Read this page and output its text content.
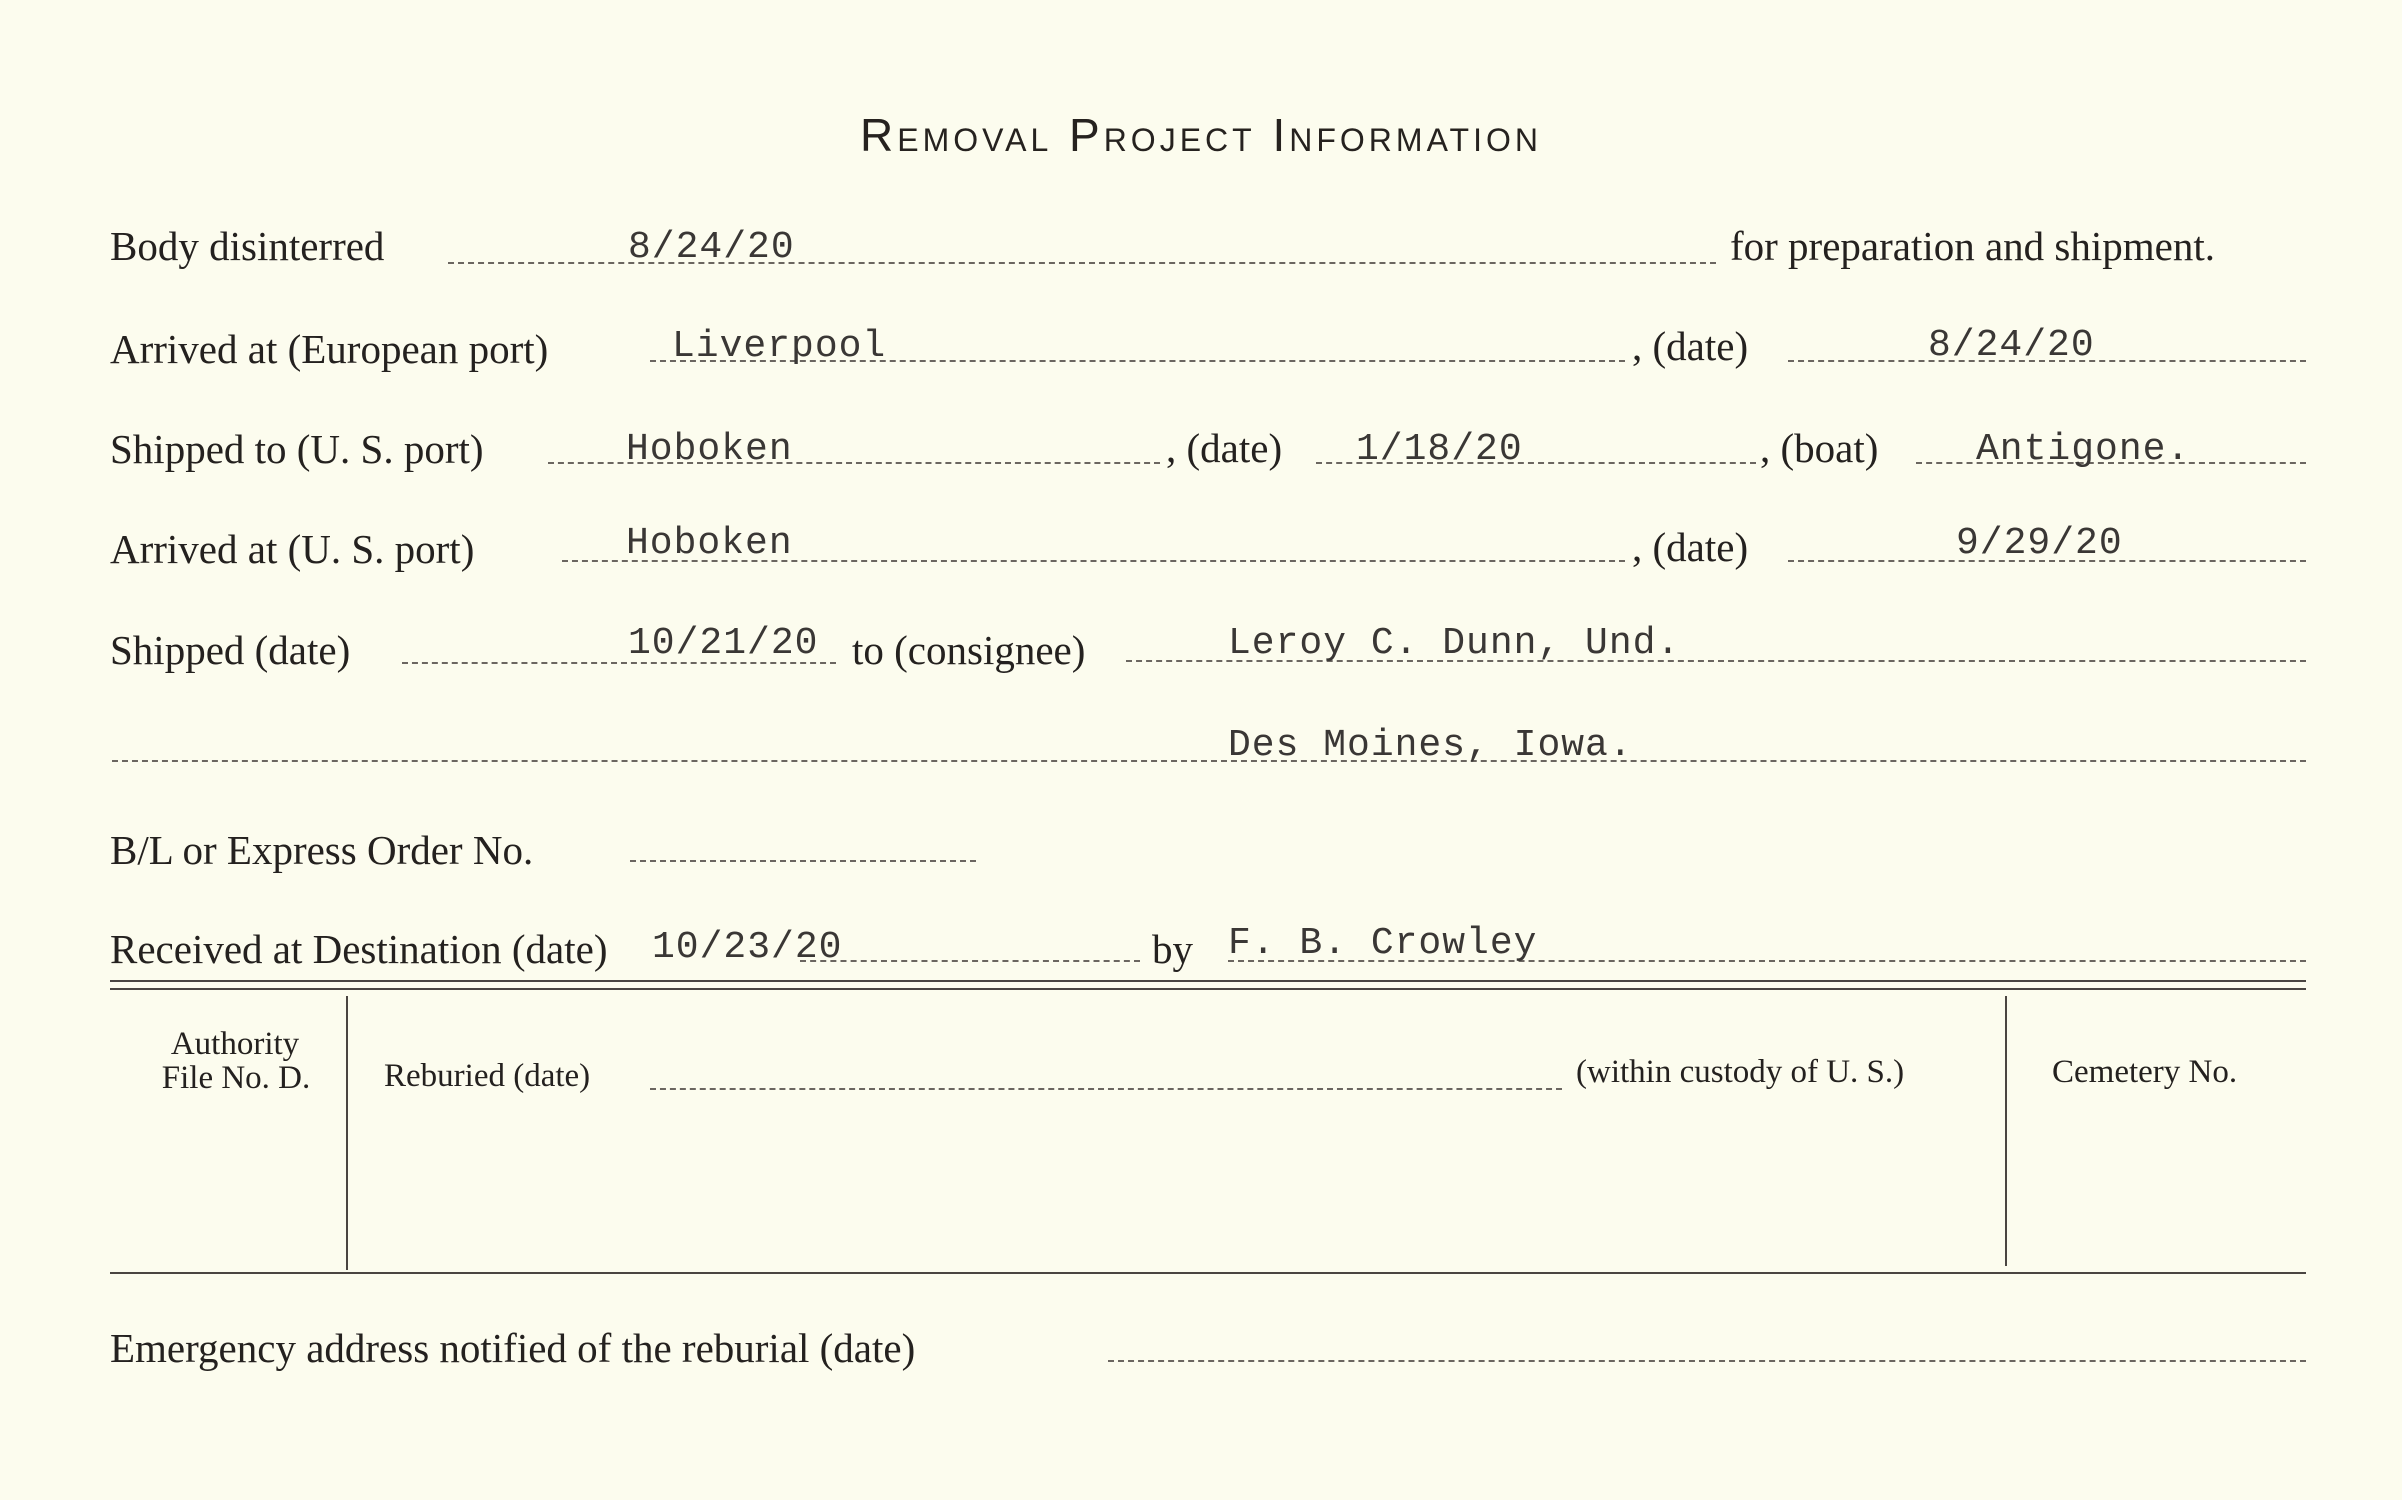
Removal Project Information
Body disinterred	8/24/20	for preparation and shipment.
Arrived at (European port)	Liverpool	, (date)	8/24/20
Shipped to (U. S. port)	Hoboken	, (date) 1/18/20	, (boat)	Antigone.
Arrived at (U. S. port)	Hoboken	, (date)	9/29/20
Shipped (date)	10/21/20 to (consignee)	Leroy C. Dunn, Und.
Des Moines, Iowa.
B/L or Express Order No.
Received at Destination (date) 10/23/20	by F. B. Crowley
Authority
File No. D.	Reburied (date)	(within custody of U. S.)	Cemetery No.
Emergency address notified of the reburial (date)
